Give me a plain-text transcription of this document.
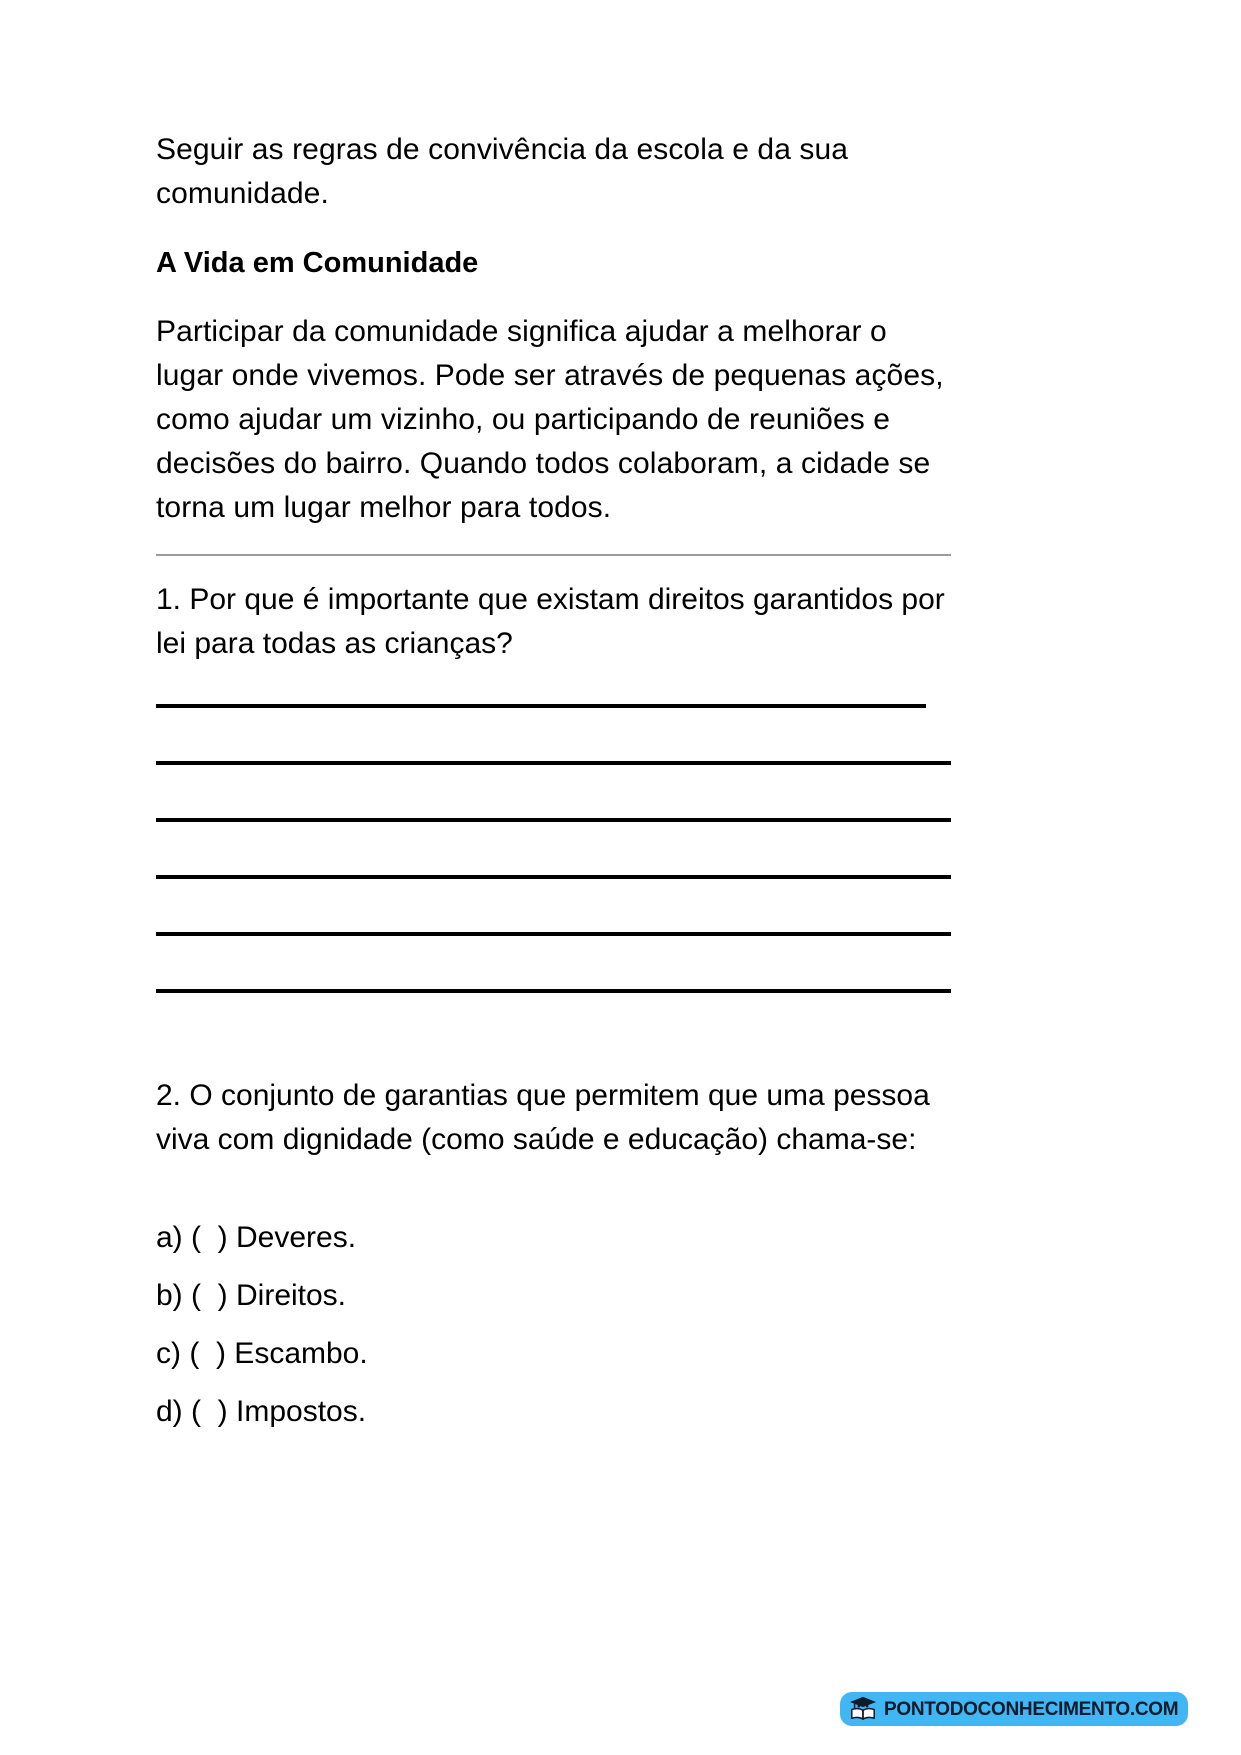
Seguir as regras de convivência da escola e da sua comunidade.

A Vida em Comunidade

Participar da comunidade significa ajudar a melhorar o lugar onde vivemos. Pode ser através de pequenas ações, como ajudar um vizinho, ou participando de reuniões e decisões do bairro. Quando todos colaboram, a cidade se torna um lugar melhor para todos.

1. Por que é importante que existam direitos garantidos por lei para todas as crianças?

2. O conjunto de garantias que permitem que uma pessoa viva com dignidade (como saúde e educação) chama-se:

a) (  ) Deveres.

b) (  ) Direitos.

c) (  ) Escambo.

d) (  ) Impostos.

PONTODOCONHECIMENTO.COM
